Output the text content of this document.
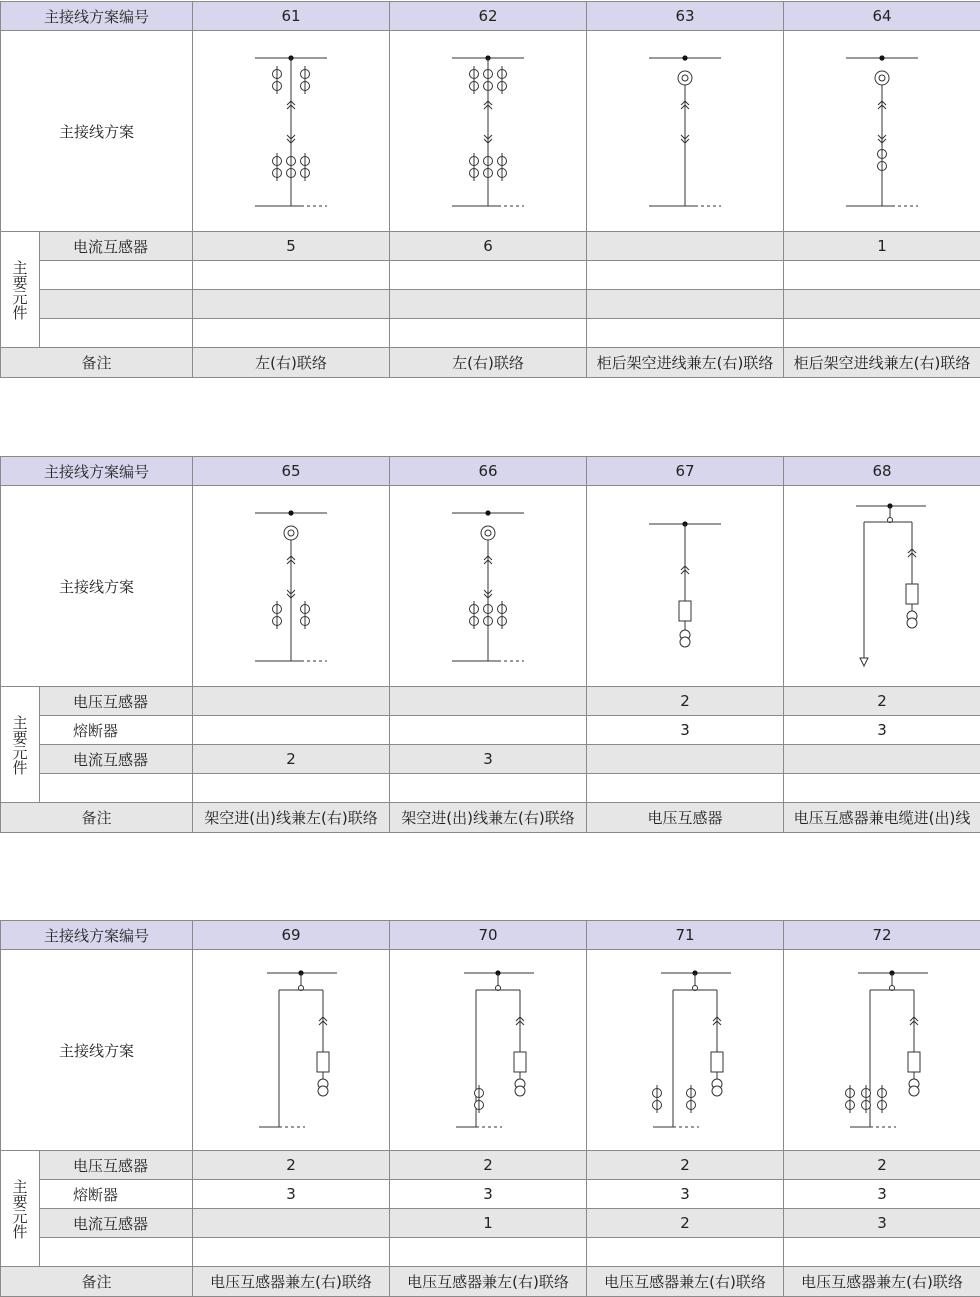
主接线方案编号		61	62	63	64
主接线方案	

主要元件	电流互感器	5	6		1

备注		左(右)联络	左(右)联络	柜后架空进线兼左(右)联络	柜后架空进线兼左(右)联络
主接线方案编号		65	66	67	68
主接线方案	

主要元件	电压互感器			2	2
	熔断器			3	3
	电流互感器	2	3		

备注		架空进(出)线兼左(右)联络	架空进(出)线兼左(右)联络	电压互感器	电压互感器兼电缆进(出)线
主接线方案编号		69	70	71	72
主接线方案	

主要元件	电压互感器	2	2	2	2
	熔断器	3	3	3	3
	电流互感器		1	2	3

备注		电压互感器兼左(右)联络	电压互感器兼左(右)联络	电压互感器兼左(右)联络	电压互感器兼左(右)联络
